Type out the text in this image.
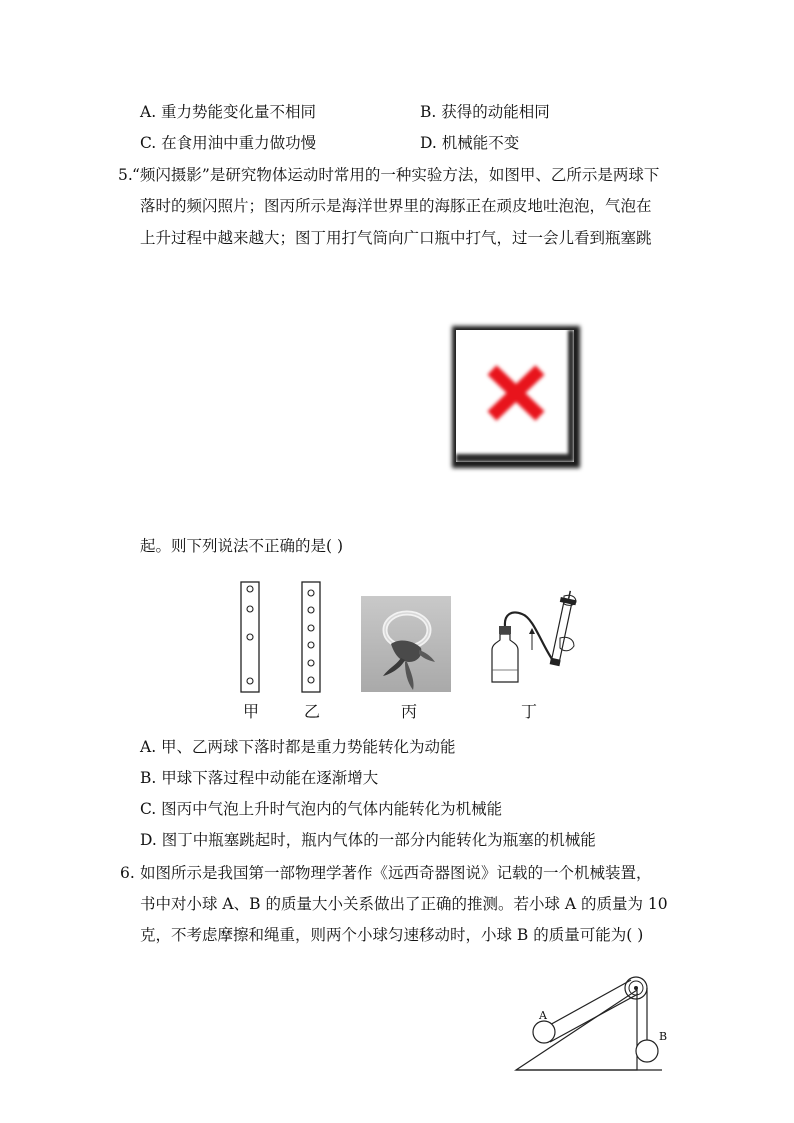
A. 重力势能变化量不相同	B. 获得的动能相同
C. 在食用油中重力做功慢	D. 机械能不变
5. “频闪摄影”是研究物体运动时常用的一种实验方法，如图甲、乙所示是两球下
落时的频闪照片；图丙所示是海洋世界里的海豚正在顽皮地吐泡泡，气泡在
上升过程中越来越大；图丁用打气筒向广口瓶中打气，过一会儿看到瓶塞跳
起。则下列说法不正确的是( )
甲	乙	丙	丁
A. 甲、乙两球下落时都是重力势能转化为动能
B. 甲球下落过程中动能在逐渐增大
C. 图丙中气泡上升时气泡内的气体内能转化为机械能
D. 图丁中瓶塞跳起时，瓶内气体的一部分内能转化为瓶塞的机械能
6. 如图所示是我国第一部物理学著作《远西奇器图说》记载的一个机械装置，
书中对小球 A、B 的质量大小关系做出了正确的推测。若小球 A 的质量为 10
克，不考虑摩擦和绳重，则两个小球匀速移动时，小球 B 的质量可能为( )
A
B
